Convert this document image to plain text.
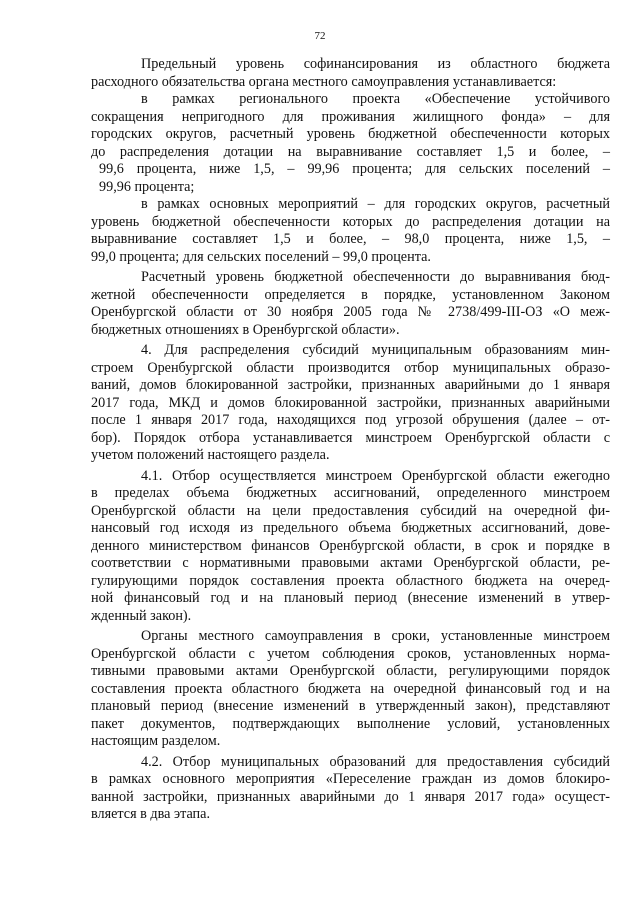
72
Предельный уровень софинансирования из областного бюджета
расходного обязательства органа местного самоуправления устанавливается:
в рамках регионального проекта «Обеспечение устойчивого
сокращения непригодного для проживания жилищного фонда» – для
городских округов, расчетный уровень бюджетной обеспеченности которых
до распределения дотации на выравнивание составляет 1,5 и более, –
99,6 процента, ниже 1,5, – 99,96 процента; для сельских поселений –
99,96 процента;
в рамках основных мероприятий – для городских округов, расчетный
уровень бюджетной обеспеченности которых до распределения дотации на
выравнивание составляет 1,5 и более, – 98,0 процента, ниже 1,5, –
99,0 процента; для сельских поселений – 99,0 процента.
Расчетный уровень бюджетной обеспеченности до выравнивания бюд-
жетной обеспеченности определяется в порядке, установленном Законом
Оренбургской области от 30 ноября 2005 года № 2738/499-III-ОЗ «О меж-
бюджетных отношениях в Оренбургской области».
4. Для распределения субсидий муниципальным образованиям мин-
строем Оренбургской области производится отбор муниципальных образо-
ваний, домов блокированной застройки, признанных аварийными до 1 января
2017 года, МКД и домов блокированной застройки, признанных аварийными
после 1 января 2017 года, находящихся под угрозой обрушения (далее – от-
бор). Порядок отбора устанавливается минстроем Оренбургской области с
учетом положений настоящего раздела.
4.1. Отбор осуществляется минстроем Оренбургской области ежегодно
в пределах объема бюджетных ассигнований, определенного минстроем
Оренбургской области на цели предоставления субсидий на очередной фи-
нансовый год исходя из предельного объема бюджетных ассигнований, дове-
денного министерством финансов Оренбургской области, в срок и порядке в
соответствии с нормативными правовыми актами Оренбургской области, ре-
гулирующими порядок составления проекта областного бюджета на очеред-
ной финансовый год и на плановый период (внесение изменений в утвер-
жденный закон).
Органы местного самоуправления в сроки, установленные минстроем
Оренбургской области с учетом соблюдения сроков, установленных норма-
тивными правовыми актами Оренбургской области, регулирующими порядок
составления проекта областного бюджета на очередной финансовый год и на
плановый период (внесение изменений в утвержденный закон), представляют
пакет документов, подтверждающих выполнение условий, установленных
настоящим разделом.
4.2. Отбор муниципальных образований для предоставления субсидий
в рамках основного мероприятия «Переселение граждан из домов блокиро-
ванной застройки, признанных аварийными до 1 января 2017 года» осущест-
вляется в два этапа.
